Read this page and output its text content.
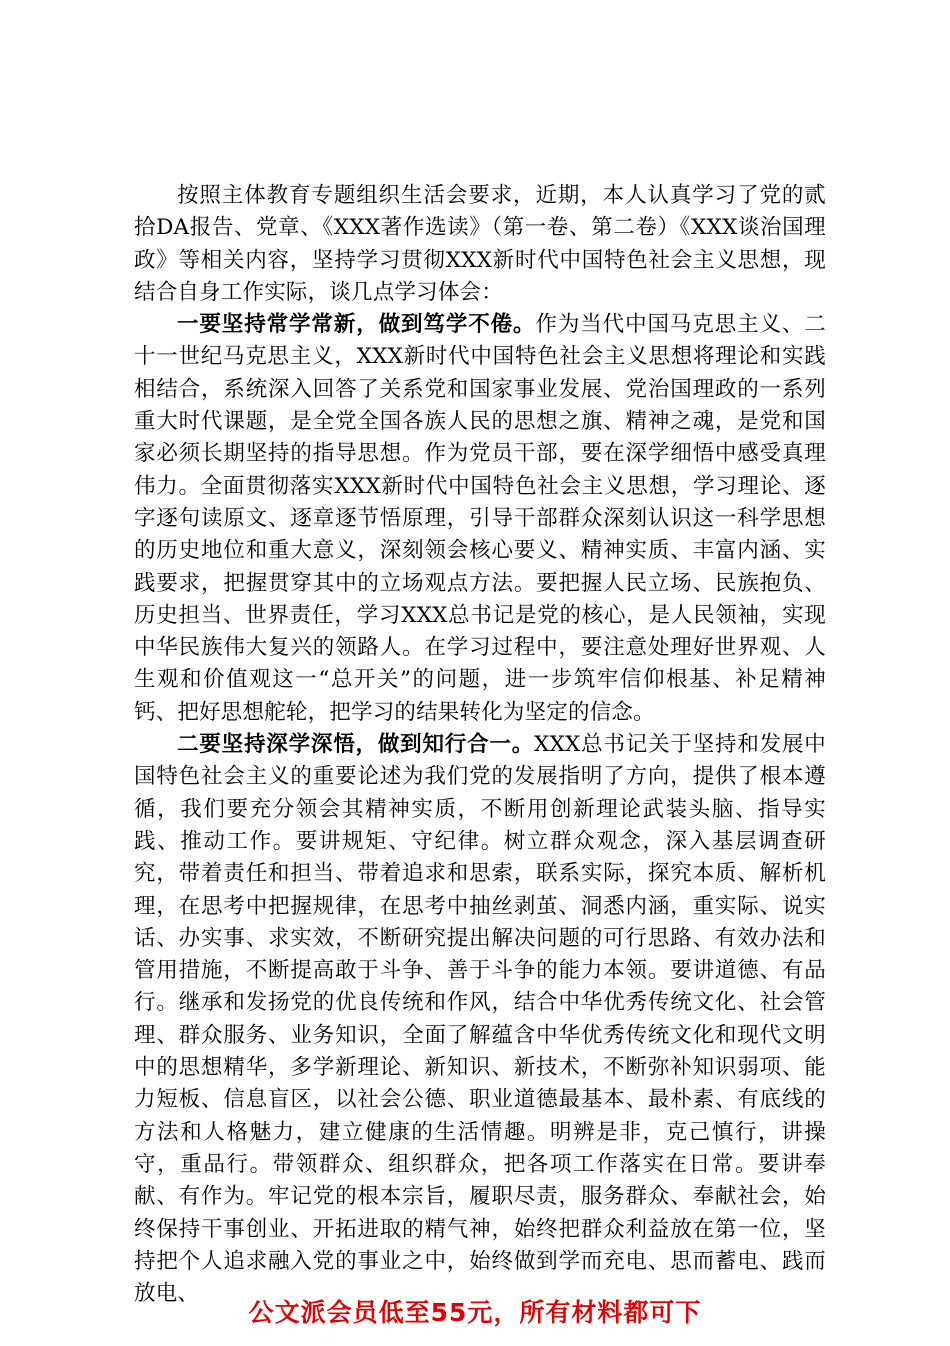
按照主体教育专题组织生活会要求，近期，本人认真学习了党的贰拾DA报告、党章、《XXX著作选读》（第一卷、第二卷）《XXX谈治国理政》等相关内容，坚持学习贯彻XXX新时代中国特色社会主义思想，现结合自身工作实际，谈几点学习体会：

一要坚持常学常新，做到笃学不倦。作为当代中国马克思主义、二十一世纪马克思主义，XXX新时代中国特色社会主义思想将理论和实践相结合，系统深入回答了关系党和国家事业发展、党治国理政的一系列重大时代课题，是全党全国各族人民的思想之旗、精神之魂，是党和国家必须长期坚持的指导思想。作为党员干部，要在深学细悟中感受真理伟力。全面贯彻落实XXX新时代中国特色社会主义思想，学习理论、逐字逐句读原文、逐章逐节悟原理，引导干部群众深刻认识这一科学思想的历史地位和重大意义，深刻领会核心要义、精神实质、丰富内涵、实践要求，把握贯穿其中的立场观点方法。要把握人民立场、民族抱负、历史担当、世界责任，学习XXX总书记是党的核心，是人民领袖，实现中华民族伟大复兴的领路人。在学习过程中，要注意处理好世界观、人生观和价值观这一“总开关”的问题，进一步筑牢信仰根基、补足精神钙、把好思想舵轮，把学习的结果转化为坚定的信念。

二要坚持深学深悟，做到知行合一。XXX总书记关于坚持和发展中国特色社会主义的重要论述为我们党的发展指明了方向，提供了根本遵循，我们要充分领会其精神实质，不断用创新理论武装头脑、指导实践、推动工作。要讲规矩、守纪律。树立群众观念，深入基层调查研究，带着责任和担当、带着追求和思索，联系实际，探究本质、解析机理，在思考中把握规律，在思考中抽丝剥茧、洞悉内涵，重实际、说实话、办实事、求实效，不断研究提出解决问题的可行思路、有效办法和管用措施，不断提高敢于斗争、善于斗争的能力本领。要讲道德、有品行。继承和发扬党的优良传统和作风，结合中华优秀传统文化、社会管理、群众服务、业务知识，全面了解蕴含中华优秀传统文化和现代文明中的思想精华，多学新理论、新知识、新技术，不断弥补知识弱项、能力短板、信息盲区，以社会公德、职业道德最基本、最朴素、有底线的方法和人格魅力，建立健康的生活情趣。明辨是非，克己慎行，讲操守，重品行。带领群众、组织群众，把各项工作落实在日常。要讲奉献、有作为。牢记党的根本宗旨，履职尽责，服务群众、奉献社会，始终保持干事创业、开拓进取的精气神，始终把群众利益放在第一位，坚持把个人追求融入党的事业之中，始终做到学而充电、思而蓄电、践而放电、

公文派会员低至55元，所有材料都可下
